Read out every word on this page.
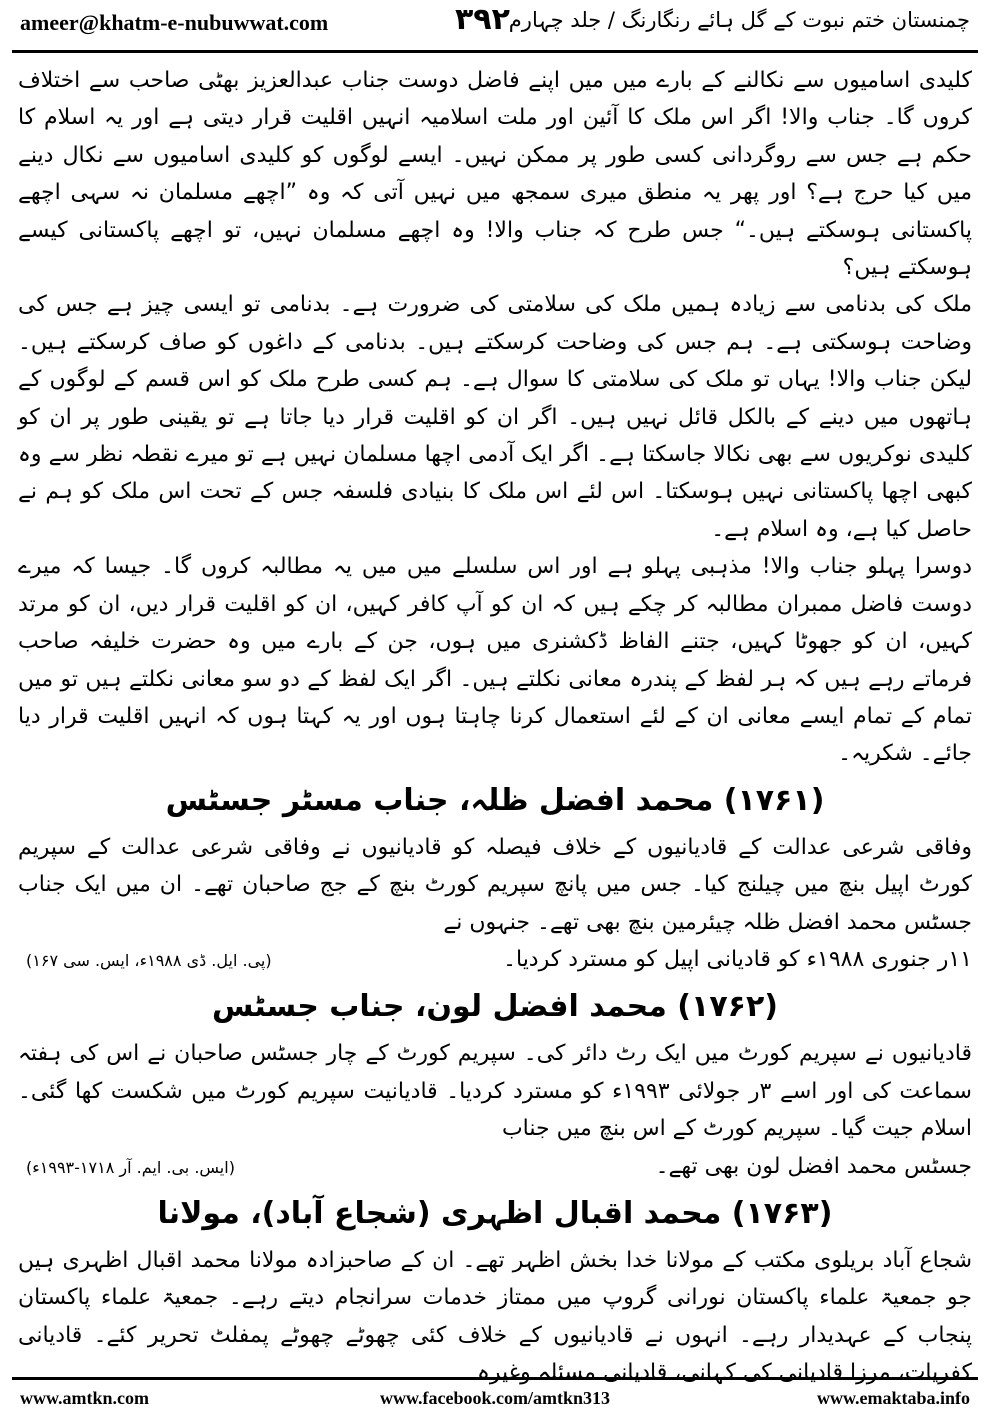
ameer@khatm-e-nubuwwat.com	۳۹۲
چمنستان ختم نبوت کے گل ہائے رنگارنگ / جلد چہارم

کلیدی اسامیوں سے نکالنے کے بارے میں میں اپنے فاضل دوست جناب عبدالعزیز بھٹی صاحب سے اختلاف کروں گا۔ جناب والا! اگر اس ملک کا آئین اور ملت اسلامیہ انہیں اقلیت قرار دیتی ہے اور یہ اسلام کا حکم ہے جس سے روگردانی کسی طور پر ممکن نہیں۔ ایسے لوگوں کو کلیدی اسامیوں سے نکال دینے میں کیا حرج ہے؟ اور پھر یہ منطق میری سمجھ میں نہیں آتی کہ وہ ”اچھے مسلمان نہ سہی اچھے پاکستانی ہوسکتے ہیں۔“ جس طرح کہ جناب والا! وہ اچھے مسلمان نہیں، تو اچھے پاکستانی کیسے ہوسکتے ہیں؟

ملک کی بدنامی سے زیادہ ہمیں ملک کی سلامتی کی ضرورت ہے۔ بدنامی تو ایسی چیز ہے جس کی وضاحت ہوسکتی ہے۔ ہم جس کی وضاحت کرسکتے ہیں۔ بدنامی کے داغوں کو صاف کرسکتے ہیں۔ لیکن جناب والا! یہاں تو ملک کی سلامتی کا سوال ہے۔ ہم کسی طرح ملک کو اس قسم کے لوگوں کے ہاتھوں میں دینے کے بالکل قائل نہیں ہیں۔ اگر ان کو اقلیت قرار دیا جاتا ہے تو یقینی طور پر ان کو کلیدی نوکریوں سے بھی نکالا جاسکتا ہے۔ اگر ایک آدمی اچھا مسلمان نہیں ہے تو میرے نقطہ نظر سے وہ کبھی اچھا پاکستانی نہیں ہوسکتا۔ اس لئے اس ملک کا بنیادی فلسفہ جس کے تحت اس ملک کو ہم نے حاصل کیا ہے، وہ اسلام ہے۔

دوسرا پہلو جناب والا! مذہبی پہلو ہے اور اس سلسلے میں میں یہ مطالبہ کروں گا۔ جیسا کہ میرے دوست فاضل ممبران مطالبہ کر چکے ہیں کہ ان کو آپ کافر کہیں، ان کو اقلیت قرار دیں، ان کو مرتد کہیں، ان کو جھوٹا کہیں، جتنے الفاظ ڈکشنری میں ہوں، جن کے بارے میں وہ حضرت خلیفہ صاحب فرماتے رہے ہیں کہ ہر لفظ کے پندرہ معانی نکلتے ہیں۔ اگر ایک لفظ کے دو سو معانی نکلتے ہیں تو میں تمام کے تمام ایسے معانی ان کے لئے استعمال کرنا چاہتا ہوں اور یہ کہتا ہوں کہ انہیں اقلیت قرار دیا جائے۔ شکریہ۔

(۱۷۶۱) محمد افضل ظلہ، جناب مسٹر جسٹس

وفاقی شرعی عدالت کے قادیانیوں کے خلاف فیصلہ کو قادیانیوں نے وفاقی شرعی عدالت کے سپریم کورٹ اپیل بنچ میں چیلنج کیا۔ جس میں پانچ سپریم کورٹ بنچ کے جج صاحبان تھے۔ ان میں ایک جناب جسٹس محمد افضل ظلہ چیئرمین بنچ بھی تھے۔ جنہوں نے

۱۱ر جنوری ۱۹۸۸ء کو قادیانی اپیل کو مسترد کردیا۔
(پی. ایل. ڈی ۱۹۸۸ء، ایس. سی ۱۶۷)

(۱۷۶۲) محمد افضل لون، جناب جسٹس

قادیانیوں نے سپریم کورٹ میں ایک رٹ دائر کی۔ سپریم کورٹ کے چار جسٹس صاحبان نے اس کی ہفتہ سماعت کی اور اسے ۳ر جولائی ۱۹۹۳ء کو مسترد کردیا۔ قادیانیت سپریم کورٹ میں شکست کھا گئی۔ اسلام جیت گیا۔ سپریم کورٹ کے اس بنچ میں جناب

جسٹس محمد افضل لون بھی تھے۔
(ایس. بی. ایم. آر ۱۷۱۸-۱۹۹۳ء)

(۱۷۶۳) محمد اقبال اظہری (شجاع آباد)، مولانا

شجاع آباد بریلوی مکتب کے مولانا خدا بخش اظہر تھے۔ ان کے صاحبزادہ مولانا محمد اقبال اظہری ہیں جو جمعیۃ علماء پاکستان نورانی گروپ میں ممتاز خدمات سرانجام دیتے رہے۔ جمعیۃ علماء پاکستان پنجاب کے عہدیدار رہے۔ انہوں نے قادیانیوں کے خلاف کئی چھوٹے چھوٹے پمفلٹ تحریر کئے۔ قادیانی کفریات، مرزا قادیانی کی کہانی، قادیانی مسئلہ وغیرہ۔

www.amtkn.com	www.facebook.com/amtkn313	www.emaktaba.info
